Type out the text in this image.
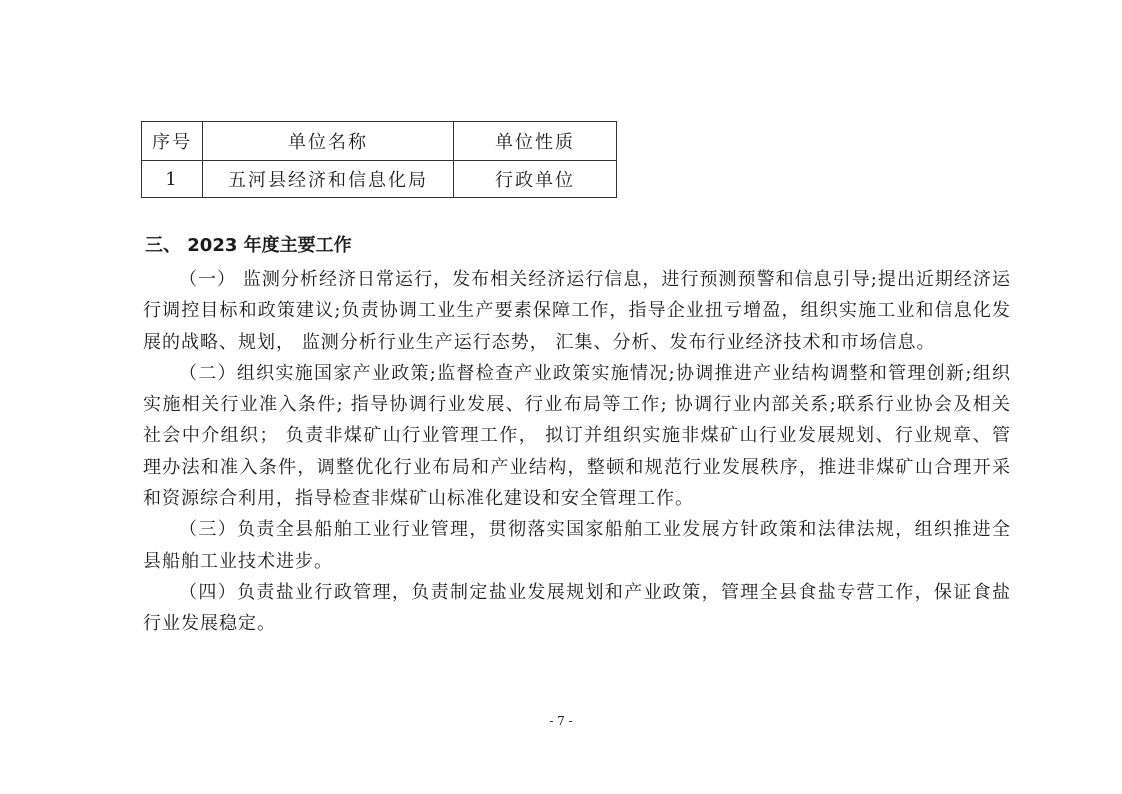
序号	单位名称	单位性质
1	五河县经济和信息化局	行政单位
三、 2023 年度主要工作

（一） 监测分析经济日常运行，发布相关经济运行信息，进行预测预警和信息引导;提出近期经济运行调控目标和政策建议;负责协调工业生产要素保障工作，指导企业扭亏增盈，组织实施工业和信息化发展的战略、规划， 监测分析行业生产运行态势， 汇集、分析、发布行业经济技术和市场信息。

（二）组织实施国家产业政策;监督检查产业政策实施情况;协调推进产业结构调整和管理创新;组织实施相关行业准入条件; 指导协调行业发展、行业布局等工作; 协调行业内部关系;联系行业协会及相关社会中介组织； 负责非煤矿山行业管理工作， 拟订并组织实施非煤矿山行业发展规划、行业规章、管理办法和准入条件，调整优化行业布局和产业结构，整顿和规范行业发展秩序，推进非煤矿山合理开采和资源综合利用，指导检查非煤矿山标准化建设和安全管理工作。

（三）负责全县船舶工业行业管理，贯彻落实国家船舶工业发展方针政策和法律法规，组织推进全县船舶工业技术进步。

（四）负责盐业行政管理，负责制定盐业发展规划和产业政策，管理全县食盐专营工作，保证食盐行业发展稳定。

- 7 -
